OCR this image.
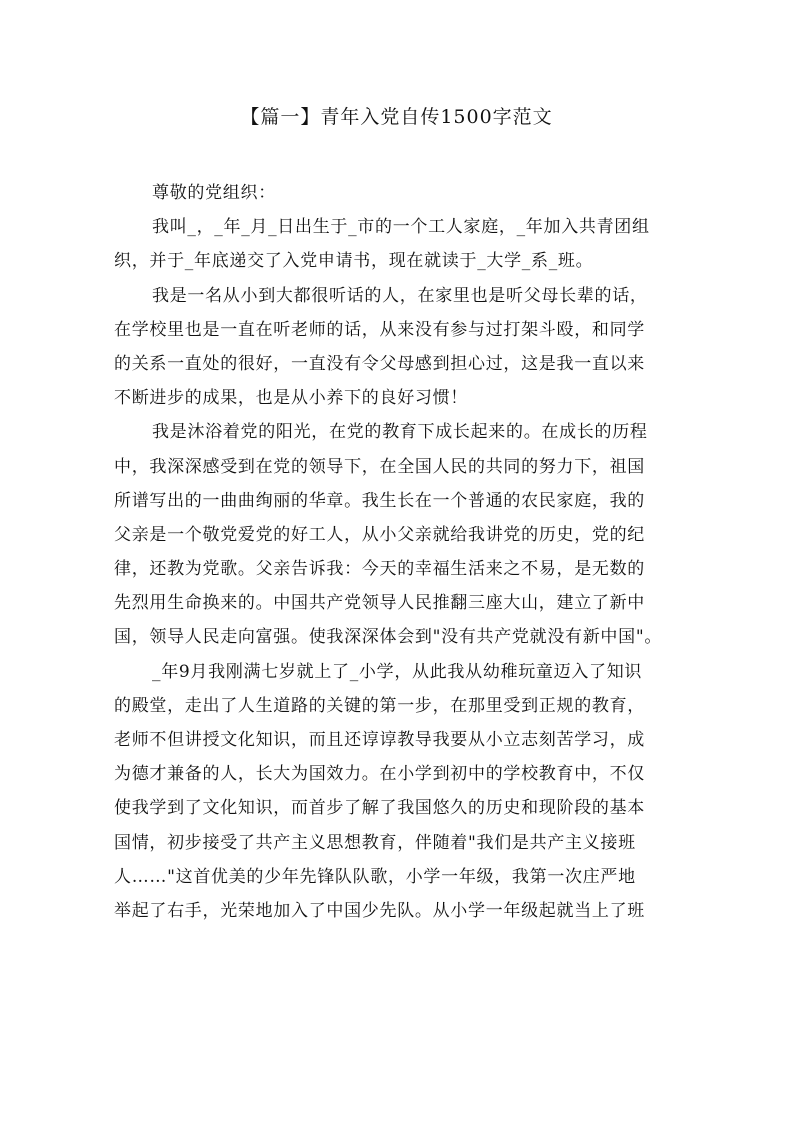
【篇一】青年入党自传1500字范文
尊敬的党组织：
我叫_，_年_月_日出生于_市的一个工人家庭，_年加入共青团组
织，并于_年底递交了入党申请书，现在就读于_大学_系_班。
我是一名从小到大都很听话的人，在家里也是听父母长辈的话，
在学校里也是一直在听老师的话，从来没有参与过打架斗殴，和同学
的关系一直处的很好，一直没有令父母感到担心过，这是我一直以来
不断进步的成果，也是从小养下的良好习惯！
我是沐浴着党的阳光，在党的教育下成长起来的。在成长的历程
中，我深深感受到在党的领导下，在全国人民的共同的努力下，祖国
所谱写出的一曲曲绚丽的华章。我生长在一个普通的农民家庭，我的
父亲是一个敬党爱党的好工人，从小父亲就给我讲党的历史，党的纪
律，还教为党歌。父亲告诉我：今天的幸福生活来之不易，是无数的
先烈用生命换来的。中国共产党领导人民推翻三座大山，建立了新中
国，领导人民走向富强。使我深深体会到"没有共产党就没有新中国"。
_年9月我刚满七岁就上了_小学，从此我从幼稚玩童迈入了知识
的殿堂，走出了人生道路的关键的第一步，在那里受到正规的教育，
老师不但讲授文化知识，而且还谆谆教导我要从小立志刻苦学习，成
为德才兼备的人，长大为国效力。在小学到初中的学校教育中，不仅
使我学到了文化知识，而首步了解了我国悠久的历史和现阶段的基本
国情，初步接受了共产主义思想教育，伴随着"我们是共产主义接班
人……"这首优美的少年先锋队队歌，小学一年级，我第一次庄严地
举起了右手，光荣地加入了中国少先队。从小学一年级起就当上了班
